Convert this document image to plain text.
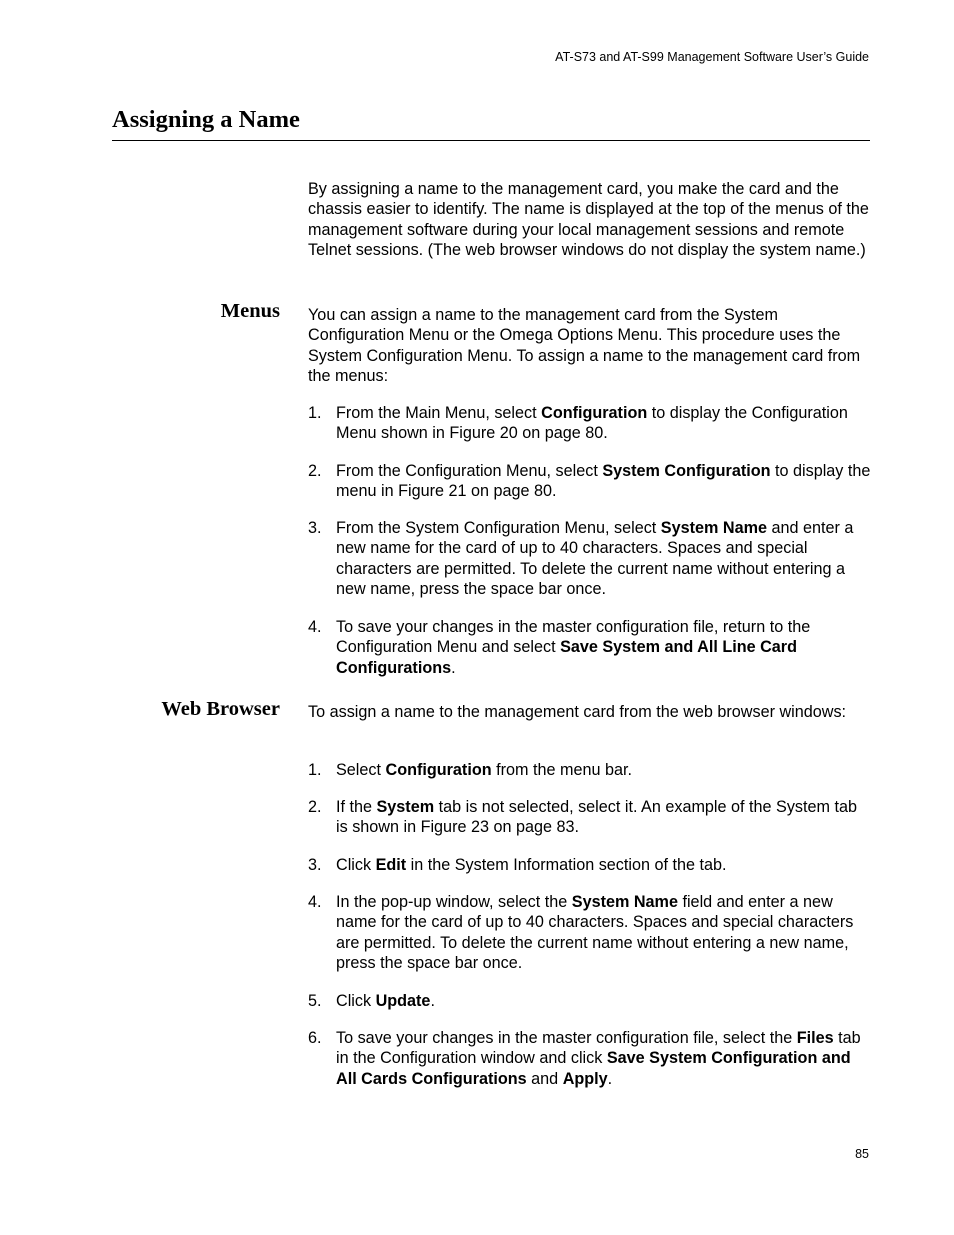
AT-S73 and AT-S99 Management Software User’s Guide
Assigning a Name

By assigning a name to the management card, you make the card and the chassis easier to identify. The name is displayed at the top of the menus of the management software during your local management sessions and remote Telnet sessions. (The web browser windows do not display the system name.)

Menus You can assign a name to the management card from the System Configuration Menu or the Omega Options Menu. This procedure uses the System Configuration Menu. To assign a name to the management card from the menus:

1. From the Main Menu, select Configuration to display the Configuration Menu shown in Figure 20 on page 80.
2. From the Configuration Menu, select System Configuration to display the menu in Figure 21 on page 80.
3. From the System Configuration Menu, select System Name and enter a new name for the card of up to 40 characters. Spaces and special characters are permitted. To delete the current name without entering a new name, press the space bar once.
4. To save your changes in the master configuration file, return to the Configuration Menu and select Save System and All Line Card Configurations.
Web Browser To assign a name to the management card from the web browser windows:

1. Select Configuration from the menu bar.
2. If the System tab is not selected, select it. An example of the System tab is shown in Figure 23 on page 83.
3. Click Edit in the System Information section of the tab.
4. In the pop-up window, select the System Name field and enter a new name for the card of up to 40 characters. Spaces and special characters are permitted. To delete the current name without entering a new name, press the space bar once.
5. Click Update.
6. To save your changes in the master configuration file, select the Files tab in the Configuration window and click Save System Configuration and All Cards Configurations and Apply.
85
